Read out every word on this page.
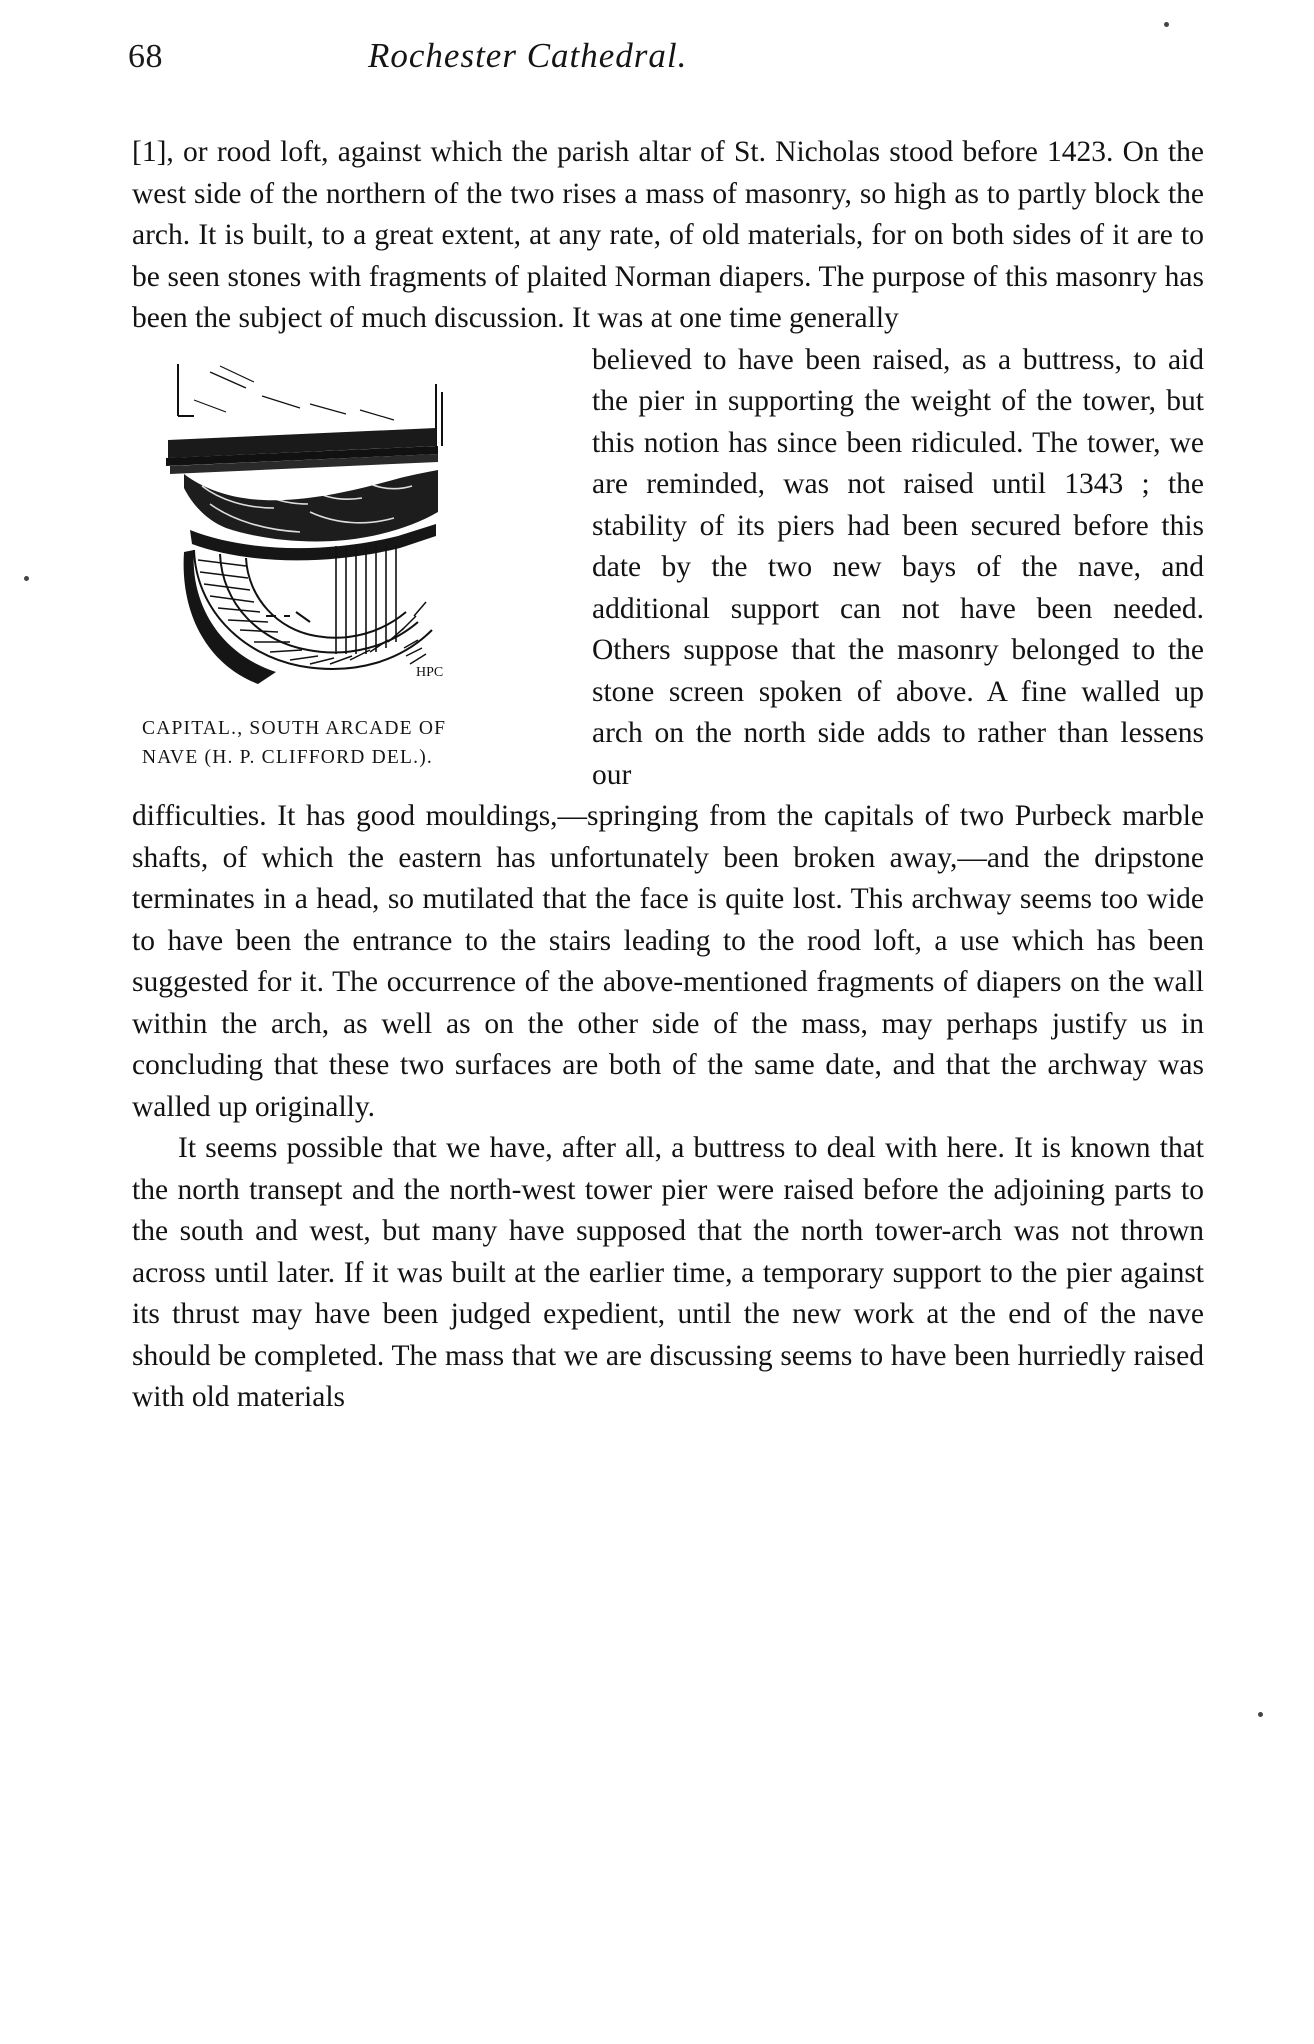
68	Rochester Cathedral.

[1], or rood loft, against which the parish altar of St. Nicholas stood before 1423. On the west side of the northern of the two rises a mass of masonry, so high as to partly block the arch. It is built, to a great extent, at any rate, of old materials, for on both sides of it are to be seen stones with fragments of plaited Norman diapers. The purpose of this masonry has been the subject of much discussion. It was at one time generally

HPC
CAPITAL., SOUTH ARCADE OF
NAVE (H. P. CLIFFORD DEL.).

believed to have been raised, as a buttress, to aid the pier in supporting the weight of the tower, but this notion has since been ridiculed. The tower, we are reminded, was not raised until 1343 ; the stability of its piers had been secured before this date by the two new bays of the nave, and additional support can not have been needed. Others suppose that the masonry belonged to the stone screen spoken of above. A fine walled up arch on the north side adds to rather than lessens our

difficulties. It has good mouldings,—springing from the capitals of two Purbeck marble shafts, of which the eastern has unfortunately been broken away,—and the dripstone terminates in a head, so mutilated that the face is quite lost. This archway seems too wide to have been the entrance to the stairs leading to the rood loft, a use which has been suggested for it. The occurrence of the above-mentioned fragments of diapers on the wall within the arch, as well as on the other side of the mass, may perhaps justify us in concluding that these two surfaces are both of the same date, and that the archway was walled up originally.

It seems possible that we have, after all, a buttress to deal with here. It is known that the north transept and the north-west tower pier were raised before the adjoining parts to the south and west, but many have supposed that the north tower-arch was not thrown across until later. If it was built at the earlier time, a temporary support to the pier against its thrust may have been judged expedient, until the new work at the end of the nave should be completed. The mass that we are discussing seems to have been hurriedly raised with old materials
